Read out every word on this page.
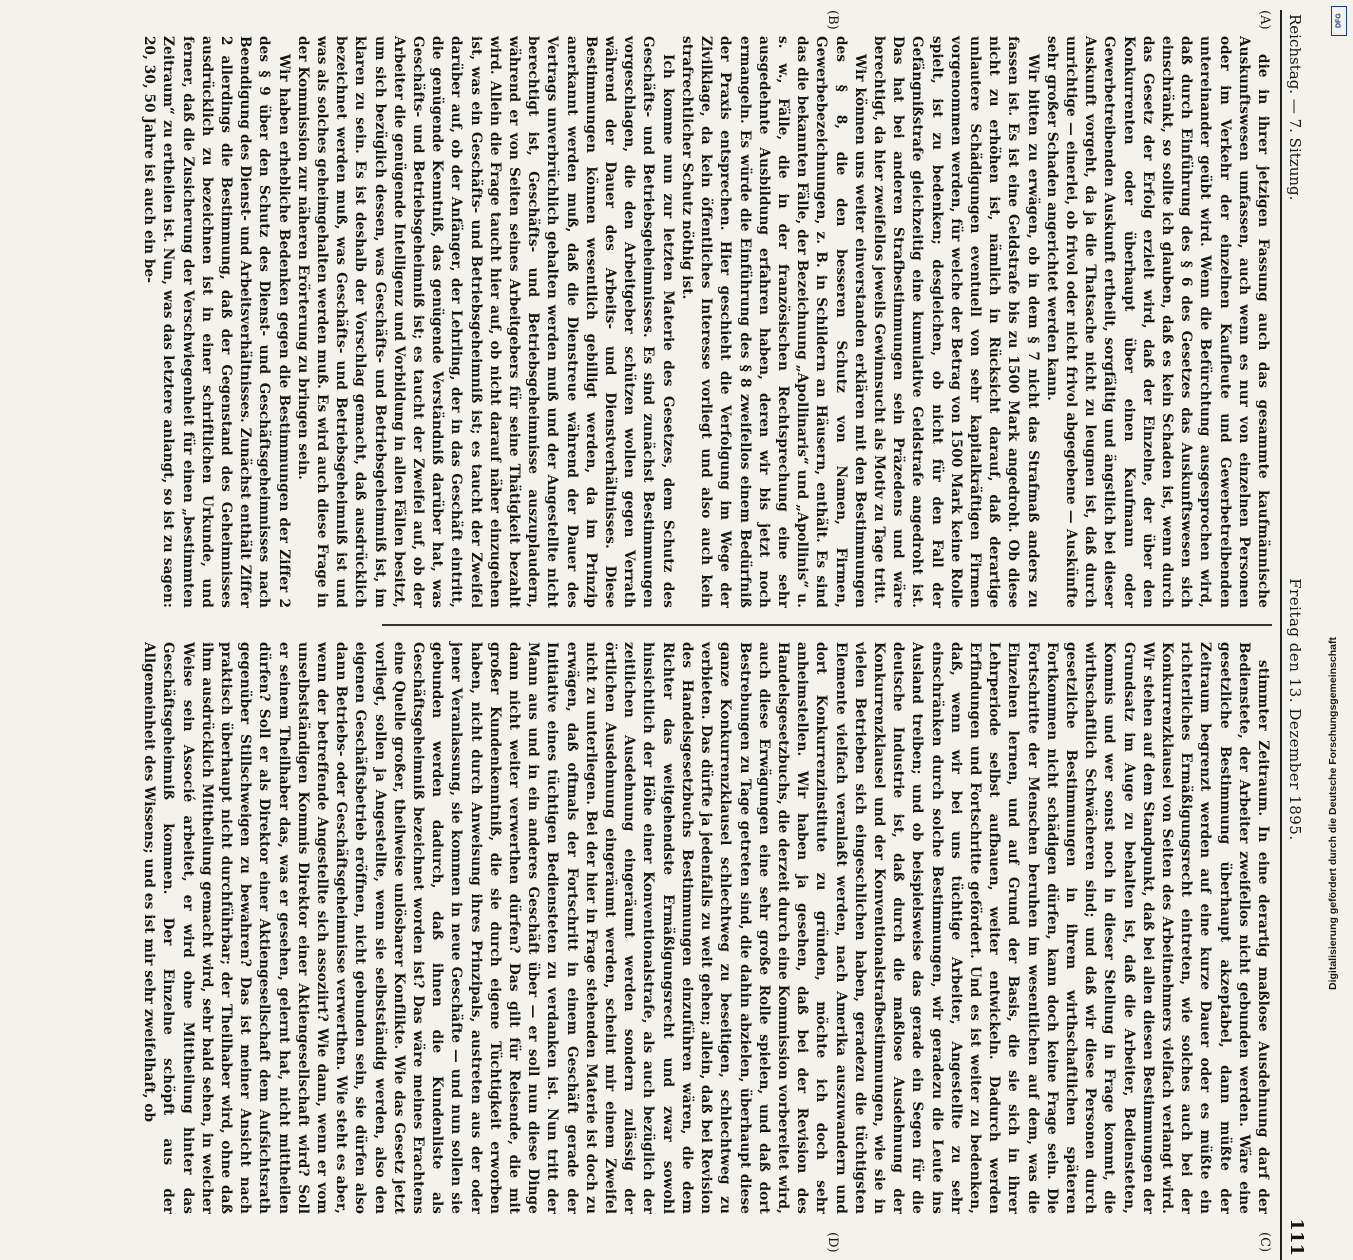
Reichstag. — 7. Sitzung.
Freitag den 13. Dezember 1895.
111

die in ihrer jetzigen Fassung auch das gesammte kaufmännische Auskunftswesen umfassen, auch wenn es nur von einzelnen Personen oder im Verkehr der einzelnen Kaufleute und Gewerbetreibenden untereinander geübt wird. Wenn die Befürchtung ausgesprochen wird, daß durch Einführung des § 6 des Gesetzes das Auskunftswesen sich einschränkt, so sollte ich glauben, daß es kein Schaden ist, wenn durch das Gesetz der Erfolg erzielt wird, daß der Einzelne, der über den Konkurrenten oder überhaupt über einen Kaufmann oder Gewerbetreibenden Auskunft ertheilt, sorgfältig und ängstlich bei dieser Auskunft vorgeht, da ja die Thatsache nicht zu leugnen ist, daß durch unrichtige — einerlei, ob frivol oder nicht frivol abgegebene — Auskünfte sehr großer Schaden angerichtet werden kann.

Wir bitten zu erwägen, ob in dem § 7 nicht das Strafmaß anders zu fassen ist. Es ist eine Geldstrafe bis zu 1500 Mark angedroht. Ob diese nicht zu erhöhen ist, nämlich in Rücksicht darauf, daß derartige unlautere Schädigungen eventuell von sehr kapitalkräftigen Firmen vorgenommen werden, für welche der Betrag von 1500 Mark keine Rolle spielt, ist zu bedenken; desgleichen, ob nicht für den Fall der Gefängnißstrafe gleichzeitig eine kumulative Geldstrafe angedroht ist. Das hat bei anderen Strafbestimmungen sein Präzedens und wäre berechtigt, da hier zweifellos jeweils Gewinnsucht als Motiv zu Tage tritt.

Wir können uns weiter einverstanden erklären mit den Bestimmungen des § 8, die den besseren Schutz von Namen, Firmen, Gewerbebezeichnungen, z. B. in Schildern an Häusern, enthält. Es sind das die bekannten Fälle, der Bezeichnung „Apollinaris“ und „Apollinis“ u. s. w., Fälle, die in der französischen Rechtsprechung eine sehr ausgedehnte Ausbildung erfahren haben, deren wir bis jetzt noch ermangeln. Es würde die Einführung des § 8 zweifellos einem Bedürfniß der Praxis entsprechen. Hier geschieht die Verfolgung im Wege der Zivilklage, da kein öffentliches Interesse vorliegt und also auch kein strafrechtlicher Schutz nöthig ist.

Ich komme nun zur letzten Materie des Gesetzes, dem Schutz des Geschäfts- und Betriebsgeheimnisses. Es sind zunächst Bestimmungen vorgeschlagen, die den Arbeitgeber schützen wollen gegen Verrath während der Dauer des Arbeits- und Dienstverhältnisses. Diese Bestimmungen können wesentlich gebilligt werden, da im Prinzip anerkannt werden muß, daß die Dienstreue während der Dauer des Vertrags unverbrüchlich gehalten werden muß und der Angestellte nicht berechtigt ist, Geschäfts- und Betriebsgeheimnisse auszuplaudern, während er von Seiten seines Arbeitgebers für seine Thätigkeit bezahlt wird. Allein die Frage taucht hier auf, ob nicht darauf näher einzugehen ist, was ein Geschäfts- und Betriebsgeheimniß ist; es taucht der Zweifel darüber auf, ob der Anfänger, der Lehrling, der in das Geschäft eintritt, die genügende Kenntniß, das genügende Verständniß darüber hat, was Geschäfts- und Betriebsgeheimniß ist; es taucht der Zweifel auf, ob der Arbeiter die genügende Intelligenz und Vorbildung in allen Fällen besitzt, um sich bezüglich dessen, was Geschäfts- und Betriebsgeheimniß ist, im klaren zu sein. Es ist deshalb der Vorschlag gemacht, daß ausdrücklich bezeichnet werden muß, was Geschäfts- und Betriebsgeheimniß ist und was als solches geheimgehalten werden muß. Es wird auch diese Frage in der Kommission zur näheren Erörterung zu bringen sein.

Wir haben erhebliche Bedenken gegen die Bestimmungen der Ziffer 2 des § 9 über den Schutz des Dienst- und Geschäftsgeheimnisses nach Beendigung des Dienst- und Arbeitsverhältnisses. Zunächst enthält Ziffer 2 allerdings die Bestimmung, daß der Gegenstand des Geheimnisses ausdrücklich zu bezeichnen ist in einer schriftlichen Urkunde, und ferner, daß die Zusicherung der Verschwiegenheit für einen „bestimmten Zeitraum“ zu ertheilen ist. Nun, was das letztere anlangt, so ist zu sagen: 20, 30, 50 Jahre ist auch ein be-

stimmter Zeitraum. In eine derartig maßlose Ausdehnung darf der Bedienstete, der Arbeiter zweifellos nicht gebunden werden. Wäre eine gesetzliche Bestimmung überhaupt akzeptabel, dann müßte der Zeitraum begrenzt werden auf eine kurze Dauer oder es müßte ein richterliches Ermäßigungsrecht eintreten, wie solches auch bei der Konkurrenzklausel von Seiten des Arbeitnehmers vielfach verlangt wird. Wir stehen auf dem Standpunkt, daß bei allen diesen Bestimmungen der Grundsatz im Auge zu behalten ist, daß die Arbeiter, Bediensteten, Kommis und wer sonst noch in dieser Stellung in Frage kommt, die wirthschaftlich Schwächeren sind; und daß wir diese Personen durch gesetzliche Bestimmungen in ihrem wirthschaftlichen späteren Fortkommen nicht schädigen dürfen, kann doch keine Frage sein. Die Fortschritte der Menschen beruhen im wesentlichen auf dem, was die Einzelnen lernen, und auf Grund der Basis, die sie sich in ihrer Lehrperiode selbst aufbauen, weiter entwickeln. Dadurch werden Erfindungen und Fortschritte gefördert. Und es ist weiter zu bedenken, daß, wenn wir bei uns tüchtige Arbeiter, Angestellte zu sehr einschränken durch solche Bestimmungen, wir geradezu die Leute ins Ausland treiben; und ob beispielsweise das gerade ein Segen für die deutsche Industrie ist, daß durch die maßlose Ausdehnung der Konkurrenzklausel und der Konventionalstrafbestimmungen, wie sie in vielen Betrieben sich eingeschlichen haben, geradezu die tüchtigsten Elemente vielfach veranlaßt werden, nach Amerika auszuwandern und dort Konkurrenzinstitute zu gründen, möchte ich doch sehr anheimstellen. Wir haben ja gesehen, daß bei der Revision des Handelsgesetzbuchs, die derzeit durch eine Kommission vorbereitet wird, auch diese Erwägungen eine sehr große Rolle spielen, und daß dort Bestrebungen zu Tage getreten sind, die dahin abzielen, überhaupt diese ganze Konkurrenzklausel schlechtweg zu beseitigen, schlechtweg zu verbieten. Das dürfte ja jedenfalls zu weit gehen; allein, daß bei Revision des Handelsgesetzbuchs Bestimmungen einzuführen wären, die dem Richter das weitgehendste Ermäßigungsrecht und zwar sowohl hinsichtlich der Höhe einer Konventionalstrafe, als auch bezüglich der zeitlichen Ausdehnung eingeräumt werden sondern zulässig der örtlichen Ausdehnung eingeräumt werden, scheint mir einem Zweifel nicht zu unterliegen. Bei der hier in Frage stehenden Materie ist doch zu erwägen, daß oftmals der Fortschritt in einem Geschäft gerade der Initiative eines tüchtigen Bediensteten zu verdanken ist. Nun tritt der Mann aus und in ein anderes Geschäft über — er soll nun diese Dinge dann nicht weiter verwerthen dürfen? Das gilt für Reisende, die mit großer Kundenkenntniß, die sie durch eigene Tüchtigkeit erworben haben, nicht durch Anweisung ihres Prinzipals, austreten aus der oder jener Veranlassung, sie kommen in neue Geschäfte — und nun sollen sie gebunden werden dadurch, daß ihnen die Kundenliste als Geschäftsgeheimniß bezeichnet worden ist? Das wäre meines Erachtens eine Quelle großer, theilweise unlösbarer Konflikte. Wie das Gesetz jetzt vorliegt, sollen ja Angestellte, wenn sie selbstständig werden, also den eigenen Geschäftsbetrieb eröffnen, nicht gebunden sein, sie dürfen also dann Betriebs- oder Geschäftsgeheimnisse verwerthen. Wie steht es aber, wenn der betreffende Angestellte sich assoziirt? Wie dann, wenn er vom unselbstständigen Kommis Direktor einer Aktiengesellschaft wird? Soll er seinem Theilhaber das, was er gesehen, gelernt hat, nicht mittheilen dürfen? Soll er als Direktor einer Aktiengesellschaft dem Aufsichtsrath gegenüber Stillschweigen zu bewahren? Das ist meiner Ansicht nach praktisch überhaupt nicht durchführbar; der Theilhaber wird, ohne daß ihm ausdrücklich Mittheilung gemacht wird, sehr bald sehen, in welcher Weise sein Associé arbeitet, er wird ohne Mittheilung hinter das Geschäftsgeheimniß kommen. Der Einzelne schöpft aus der Allgemeinheit des Wissens; und es ist mir sehr zweifelhaft, ob

(A)
(B)
(C)
(D)
DFG
Digitalisierung gefördert durch die Deutsche Forschungsgemeinschaft
